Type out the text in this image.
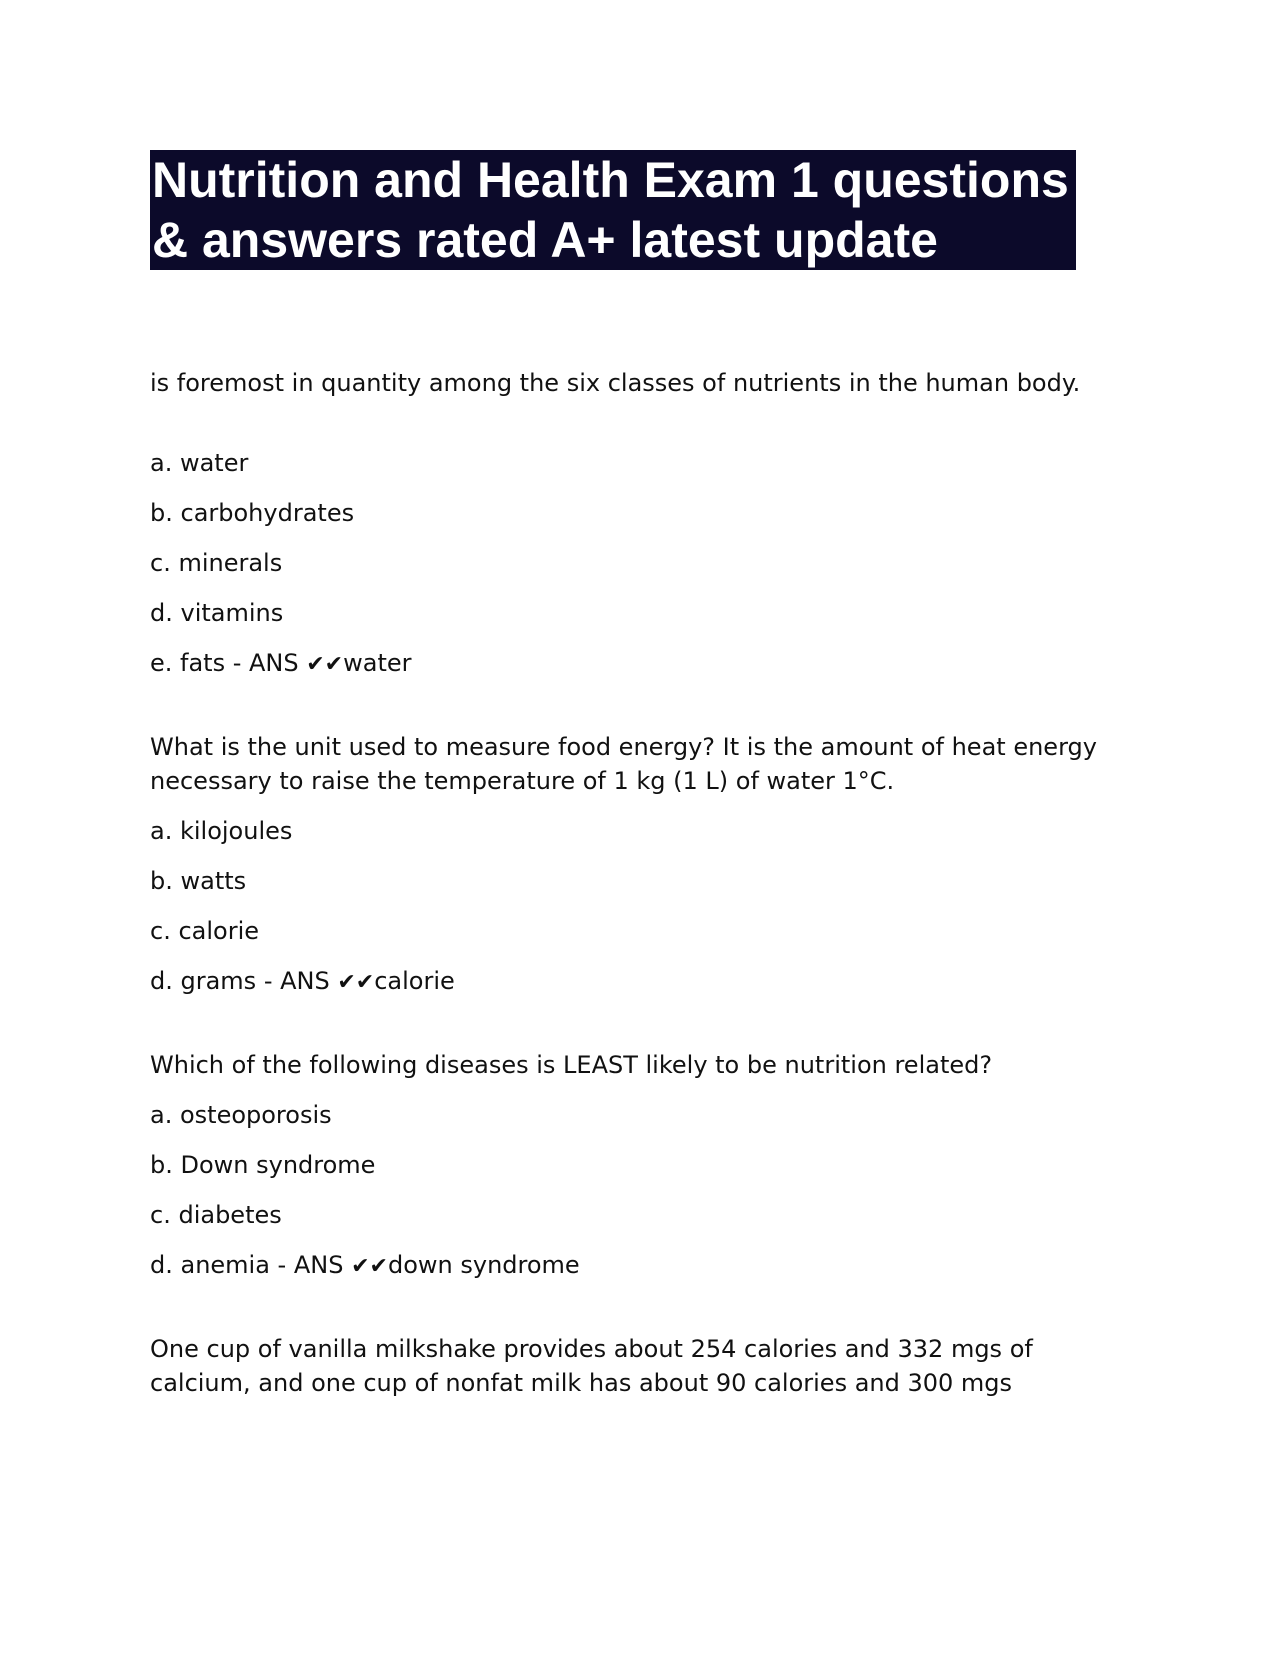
Nutrition and Health Exam 1 questions
& answers rated A+ latest update

is foremost in quantity among the six classes of nutrients in the human body.

a. water

b. carbohydrates

c. minerals

d. vitamins

e. fats - ANS ✔✔water

What is the unit used to measure food energy? It is the amount of heat energy necessary to raise the temperature of 1 kg (1 L) of water 1°C.

a. kilojoules

b. watts

c. calorie

d. grams - ANS ✔✔calorie

Which of the following diseases is LEAST likely to be nutrition related?

a. osteoporosis

b. Down syndrome

c. diabetes

d. anemia - ANS ✔✔down syndrome

One cup of vanilla milkshake provides about 254 calories and 332 mgs of calcium, and one cup of nonfat milk has about 90 calories and 300 mgs
